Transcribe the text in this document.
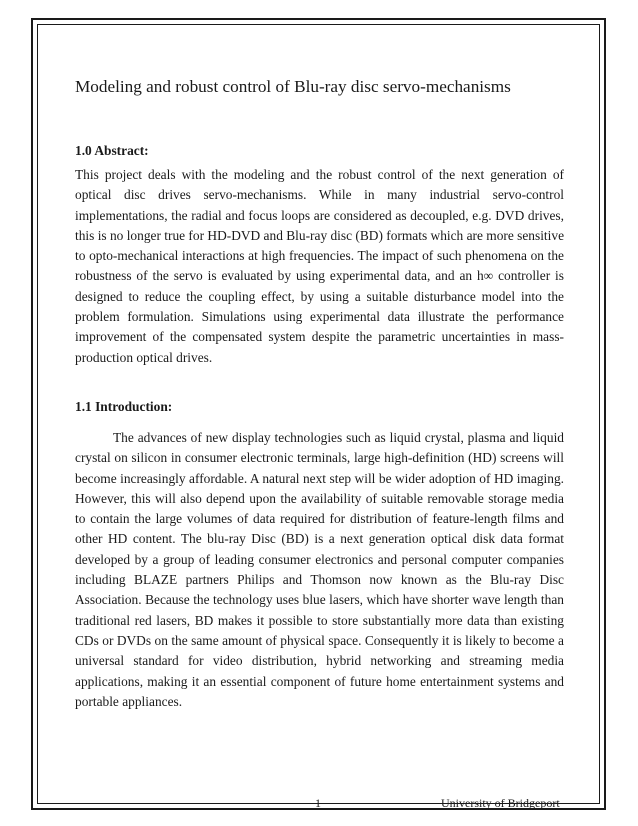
Modeling and robust control of Blu-ray disc servo-mechanisms
1.0 Abstract:

This project deals with the modeling and the robust control of the next generation of optical disc drives servo-mechanisms. While in many industrial servo-control implementations, the radial and focus loops are considered as decoupled, e.g. DVD drives, this is no longer true for HD-DVD and Blu-ray disc (BD) formats which are more sensitive to opto-mechanical interactions at high frequencies. The impact of such phenomena on the robustness of the servo is evaluated by using experimental data, and an h∞ controller is designed to reduce the coupling effect, by using a suitable disturbance model into the problem formulation. Simulations using experimental data illustrate the performance improvement of the compensated system despite the parametric uncertainties in mass-production optical drives.

1.1 Introduction:

The advances of new display technologies such as liquid crystal, plasma and liquid crystal on silicon in consumer electronic terminals, large high-definition (HD) screens will become increasingly affordable. A natural next step will be wider adoption of HD imaging. However, this will also depend upon the availability of suitable removable storage media to contain the large volumes of data required for distribution of feature-length films and other HD content. The blu-ray Disc (BD) is a next generation optical disk data format developed by a group of leading consumer electronics and personal computer companies including BLAZE partners Philips and Thomson now known as the Blu-ray Disc Association. Because the technology uses blue lasers, which have shorter wave length than traditional red lasers, BD makes it possible to store substantially more data than existing CDs or DVDs on the same amount of physical space. Consequently it is likely to become a universal standard for video distribution, hybrid networking and streaming media applications, making it an essential component of future home entertainment systems and portable appliances.

1	University of Bridgeport
